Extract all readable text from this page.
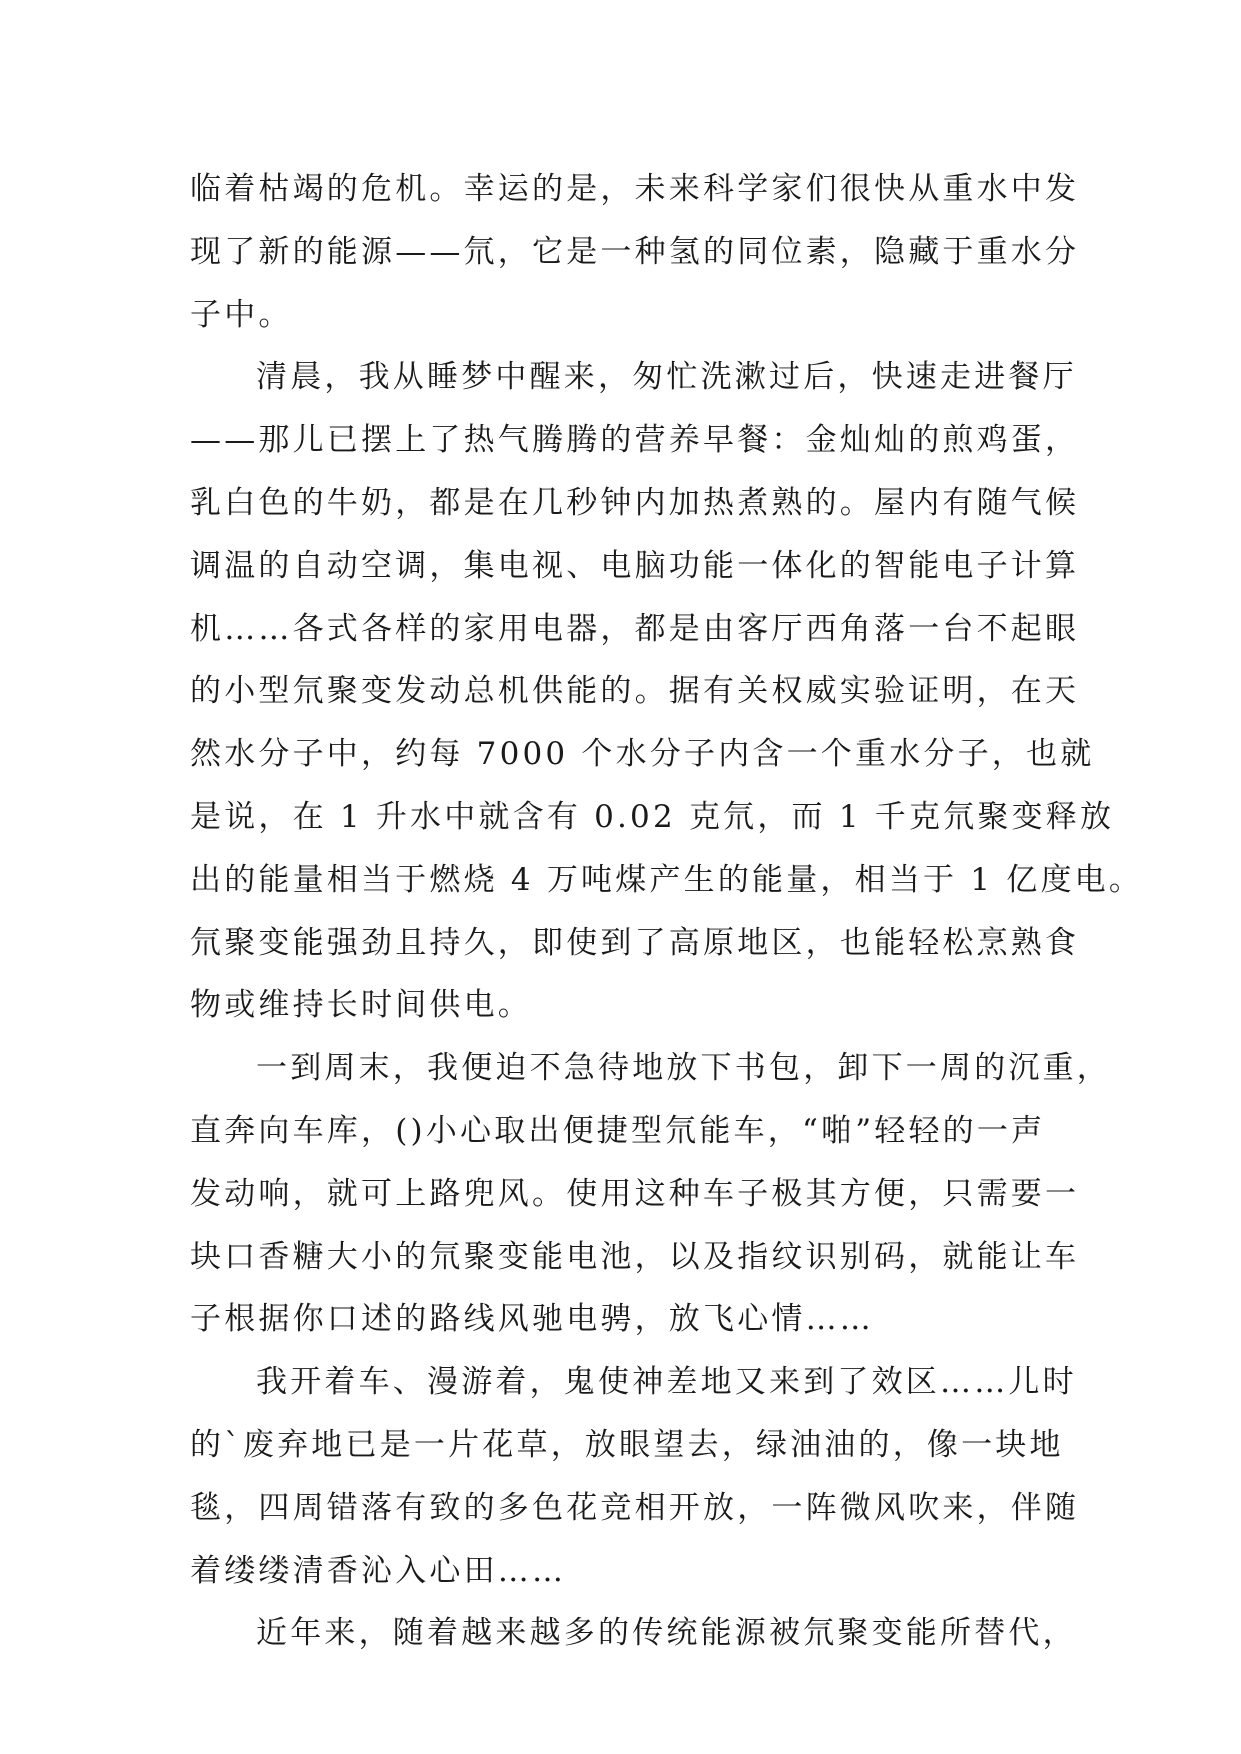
临着枯竭的危机。幸运的是，未来科学家们很快从重水中发
现了新的能源——氘，它是一种氢的同位素，隐藏于重水分
子中。
清晨，我从睡梦中醒来，匆忙洗漱过后，快速走进餐厅
——那儿已摆上了热气腾腾的营养早餐：金灿灿的煎鸡蛋，
乳白色的牛奶，都是在几秒钟内加热煮熟的。屋内有随气候
调温的自动空调，集电视、电脑功能一体化的智能电子计算
机……各式各样的家用电器，都是由客厅西角落一台不起眼
的小型氘聚变发动总机供能的。据有关权威实验证明，在天
然水分子中，约每 7000 个水分子内含一个重水分子，也就
是说，在 1 升水中就含有 0.02 克氘，而 1 千克氘聚变释放
出的能量相当于燃烧 4 万吨煤产生的能量，相当于 1 亿度电。
氘聚变能强劲且持久，即使到了高原地区，也能轻松烹熟食
物或维持长时间供电。
一到周末，我便迫不急待地放下书包，卸下一周的沉重，
直奔向车库，()小心取出便捷型氘能车，“啪”轻轻的一声
发动响，就可上路兜风。使用这种车子极其方便，只需要一
块口香糖大小的氘聚变能电池，以及指纹识别码，就能让车
子根据你口述的路线风驰电骋，放飞心情……
我开着车、漫游着，鬼使神差地又来到了效区……儿时
的`废弃地已是一片花草，放眼望去，绿油油的，像一块地
毯，四周错落有致的多色花竞相开放，一阵微风吹来，伴随
着缕缕清香沁入心田……
近年来，随着越来越多的传统能源被氘聚变能所替代，
